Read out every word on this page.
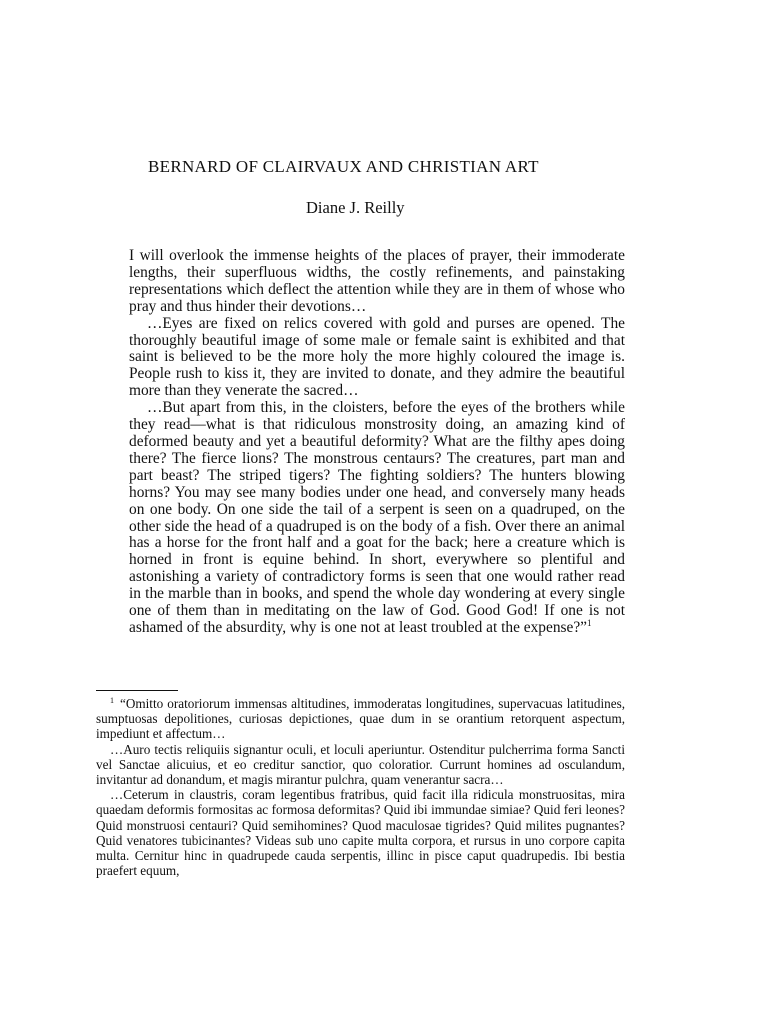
BERNARD OF CLAIRVAUX AND CHRISTIAN ART
Diane J. Reilly

I will overlook the immense heights of the places of prayer, their immoderate lengths, their superfluous widths, the costly refinements, and painstaking representations which deflect the attention while they are in them of whose who pray and thus hinder their devotions…

…Eyes are fixed on relics covered with gold and purses are opened. The thoroughly beautiful image of some male or female saint is exhibited and that saint is believed to be the more holy the more highly coloured the image is. People rush to kiss it, they are invited to donate, and they admire the beautiful more than they venerate the sacred…

…But apart from this, in the cloisters, before the eyes of the brothers while they read—what is that ridiculous monstrosity doing, an amazing kind of deformed beauty and yet a beautiful deformity? What are the filthy apes doing there? The fierce lions? The monstrous centaurs? The creatures, part man and part beast? The striped tigers? The fighting soldiers? The hunters blowing horns? You may see many bodies under one head, and conversely many heads on one body. On one side the tail of a serpent is seen on a quadruped, on the other side the head of a quadruped is on the body of a fish. Over there an animal has a horse for the front half and a goat for the back; here a creature which is horned in front is equine behind. In short, everywhere so plentiful and astonishing a variety of contradictory forms is seen that one would rather read in the marble than in books, and spend the whole day wondering at every single one of them than in meditating on the law of God. Good God! If one is not ashamed of the absurdity, why is one not at least troubled at the expense?”$^1$

$^1$ “Omitto oratoriorum immensas altitudines, immoderatas longitudines, supervacuas latitudines, sumptuosas depolitiones, curiosas depictiones, quae dum in se orantium retorquent aspectum, impediunt et affectum…

…Auro tectis reliquiis signantur oculi, et loculi aperiuntur. Ostenditur pulcherrima forma Sancti vel Sanctae alicuius, et eo creditur sanctior, quo coloratior. Currunt homines ad osculandum, invitantur ad donandum, et magis mirantur pulchra, quam venerantur sacra…

…Ceterum in claustris, coram legentibus fratribus, quid facit illa ridicula monstruositas, mira quaedam deformis formositas ac formosa deformitas? Quid ibi immundae simiae? Quid feri leones? Quid monstruosi centauri? Quid semihomines? Quod maculosae tigrides? Quid milites pugnantes? Quid venatores tubicinantes? Videas sub uno capite multa corpora, et rursus in uno corpore capita multa. Cernitur hinc in quadrupede cauda serpentis, illinc in pisce caput quadrupedis. Ibi bestia praefert equum,
